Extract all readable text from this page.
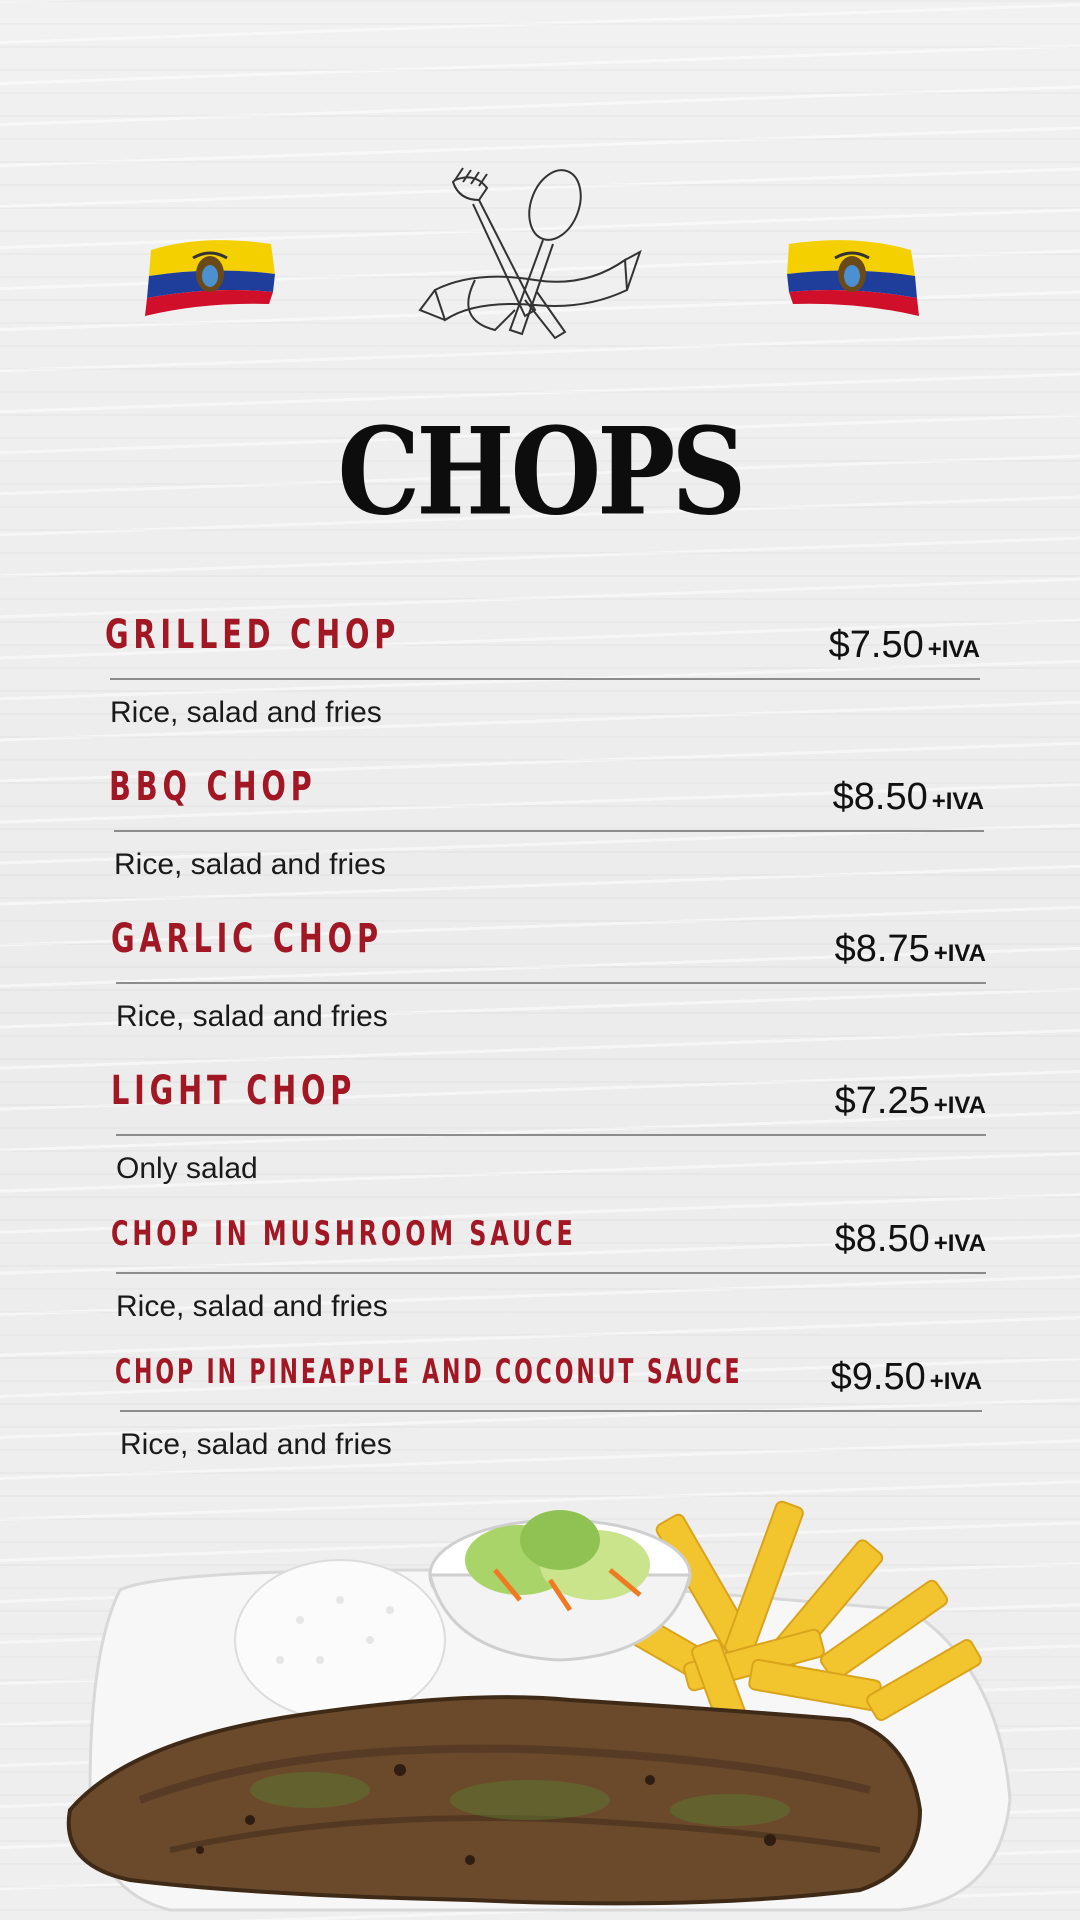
CHOPS
GRILLED CHOP	$7.50 +IVA
Rice, salad and fries
BBQ CHOP	$8.50 +IVA
Rice, salad and fries
GARLIC CHOP	$8.75 +IVA
Rice, salad and fries
LIGHT CHOP	$7.25 +IVA
Only salad
CHOP IN MUSHROOM SAUCE	$8.50 +IVA
Rice, salad and fries
CHOP IN PINEAPPLE AND COCONUT SAUCE $9.50 +IVA
Rice, salad and fries
